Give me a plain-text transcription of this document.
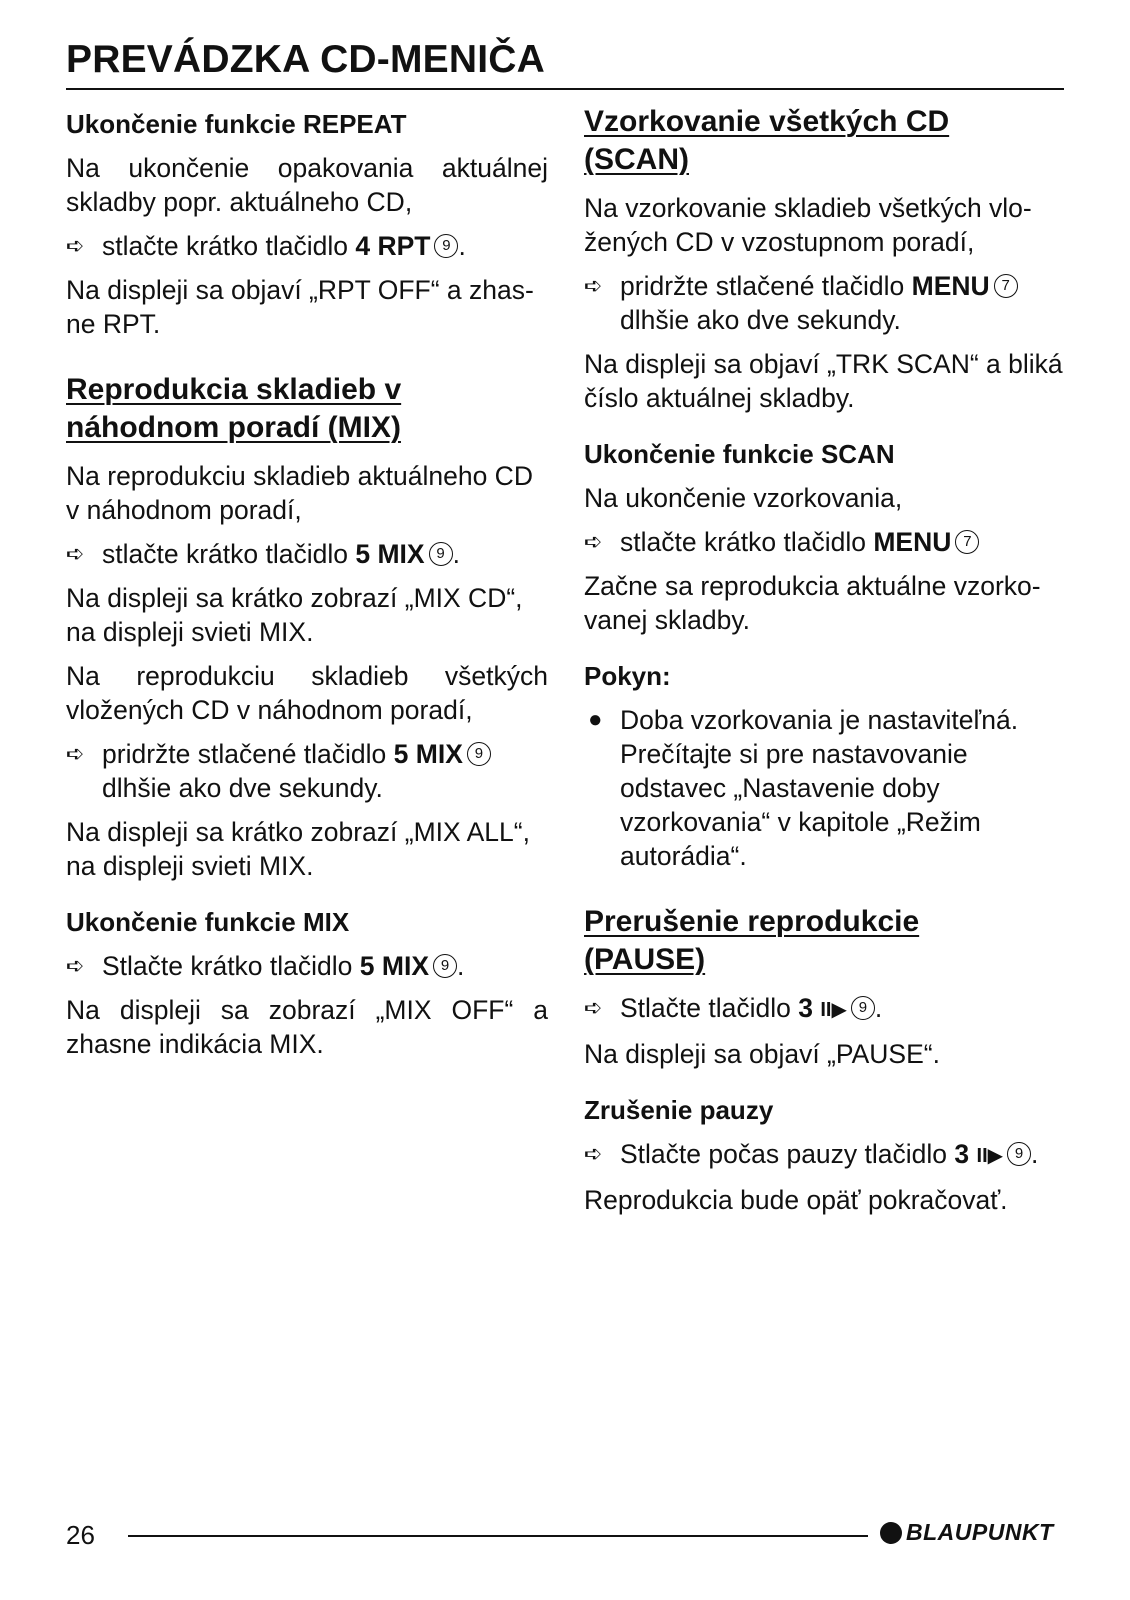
PREVÁDZKA CD-MENIČA
Ukončenie funkcie REPEAT

Na ukončenie opakovania aktuálnej skladby popr. aktuálneho CD,

➪ stlačte krátko tlačidlo 4 RPT 9 .

Na displeji sa objaví „RPT OFF“ a zhas- ne RPT.

Reprodukcia skladieb v
náhodnom poradí (MIX)

Na reprodukciu skladieb aktuálneho CD v náhodnom poradí,

➪ stlačte krátko tlačidlo 5 MIX 9 .

Na displeji sa krátko zobrazí „MIX CD“, na displeji svieti MIX.

Na reprodukciu skladieb všetkých vložených CD v náhodnom poradí,

➪ pridržte stlačené tlačidlo 5 MIX 9
dlhšie ako dve sekundy.

Na displeji sa krátko zobrazí „MIX ALL“, na displeji svieti MIX.

Ukončenie funkcie MIX
➪ Stlačte krátko tlačidlo 5 MIX 9 .

Na displeji sa zobrazí „MIX OFF“ a zhasne indikácia MIX.

Vzorkovanie všetkých CD
(SCAN)

Na vzorkovanie skladieb všetkých vlo- žených CD v vzostupnom poradí,

➪ pridržte stlačené tlačidlo MENU 7
dlhšie ako dve sekundy.

Na displeji sa objaví „TRK SCAN“ a bliká číslo aktuálnej skladby.

Ukončenie funkcie SCAN

Na ukončenie vzorkovania,

➪ stlačte krátko tlačidlo MENU 7

Začne sa reprodukcia aktuálne vzorko- vanej skladby.

Pokyn:
● Doba vzorkovania je nastaviteľná. Prečítajte si pre nastavovanie odstavec „Nastavenie doby vzorkovania“ v kapitole „Režim autorádia“.
Prerušenie reprodukcie
(PAUSE)
➪ Stlačte tlačidlo 3 II▶ 9 .

Na displeji sa objaví „PAUSE“.

Zrušenie pauzy
➪ Stlačte počas pauzy tlačidlo 3 II▶ 9 .

Reprodukcia bude opäť pokračovať.

26	BLAUPUNKT
